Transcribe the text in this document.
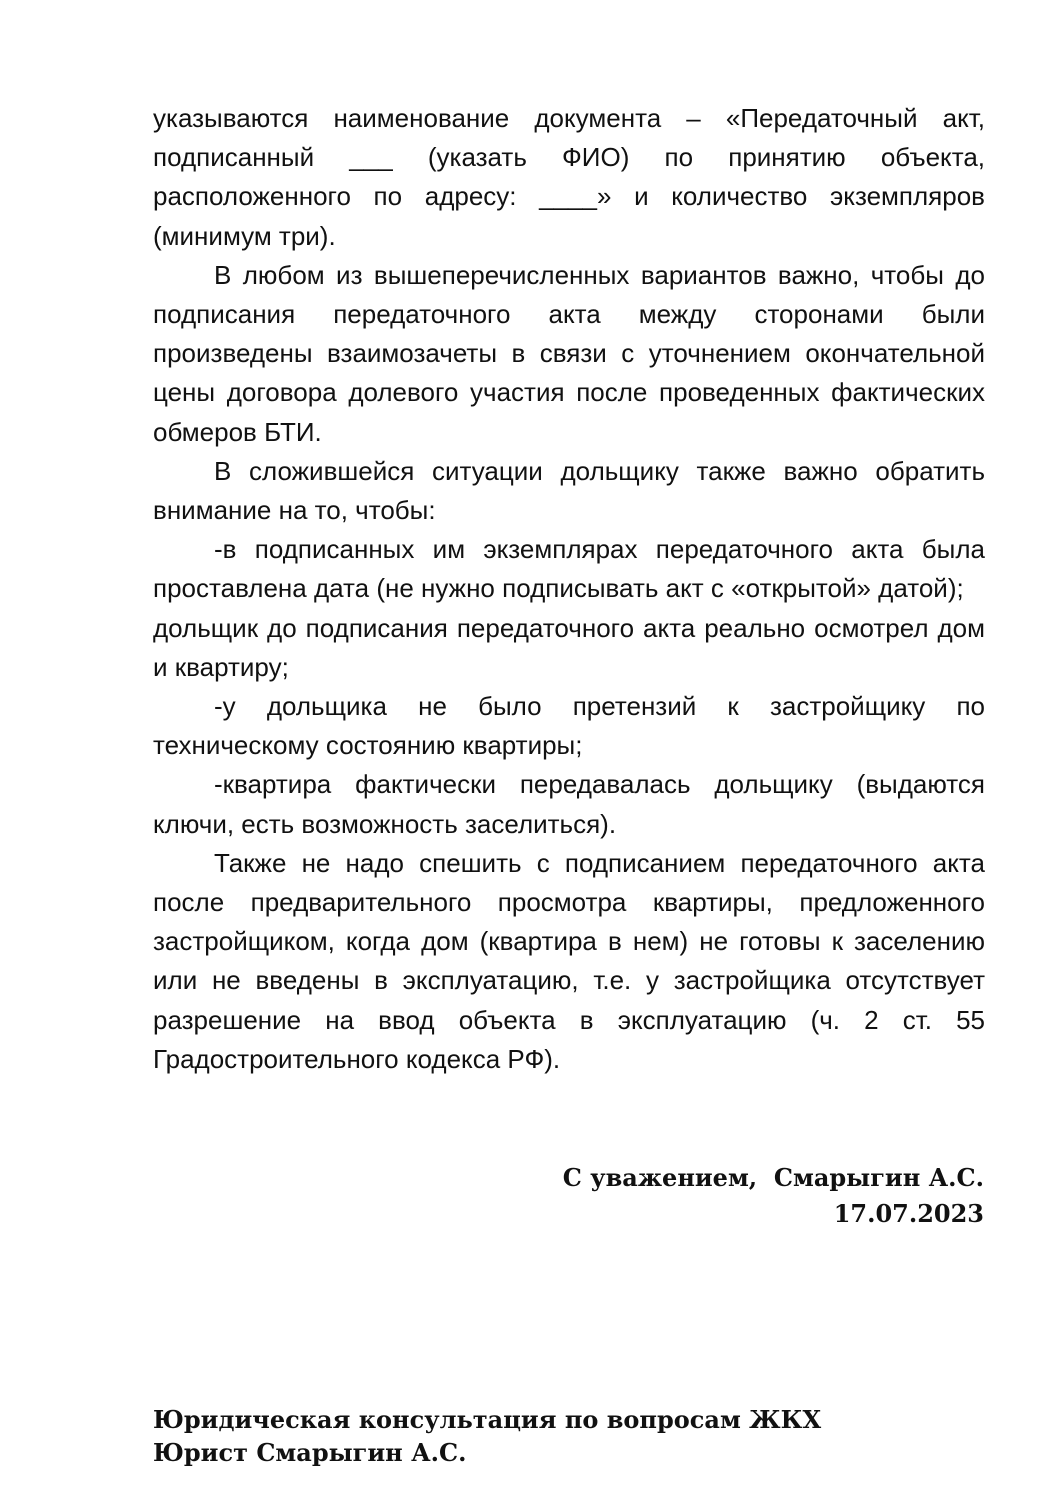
указываются наименование документа – «Передаточный акт,
подписанный ___ (указать ФИО) по принятию объекта,
расположенного по адресу: ____» и количество экземпляров
(минимум три).

В любом из вышеперечисленных вариантов важно, чтобы до
подписания передаточного акта между сторонами были
произведены взаимозачеты в связи с уточнением окончательной
цены договора долевого участия после проведенных фактических
обмеров БТИ.

В сложившейся ситуации дольщику также важно обратить
внимание на то, чтобы:

-в подписанных им экземплярах передаточного акта была
проставлена дата (не нужно подписывать акт с «открытой» датой);
дольщик до подписания передаточного акта реально осмотрел дом
и квартиру;

-у дольщика не было претензий к застройщику по
техническому состоянию квартиры;

-квартира фактически передавалась дольщику (выдаются
ключи, есть возможность заселиться).

Также не надо спешить с подписанием передаточного акта
после предварительного просмотра квартиры, предложенного
застройщиком, когда дом (квартира в нем) не готовы к заселению
или не введены в эксплуатацию, т.е. у застройщика отсутствует
разрешение на ввод объекта в эксплуатацию (ч. 2 ст. 55
Градостроительного кодекса РФ).

С уважением,  Смарыгин А.С.
17.07.2023
Юридическая консультация по вопросам ЖКХ
Юрист Смарыгин А.С.
